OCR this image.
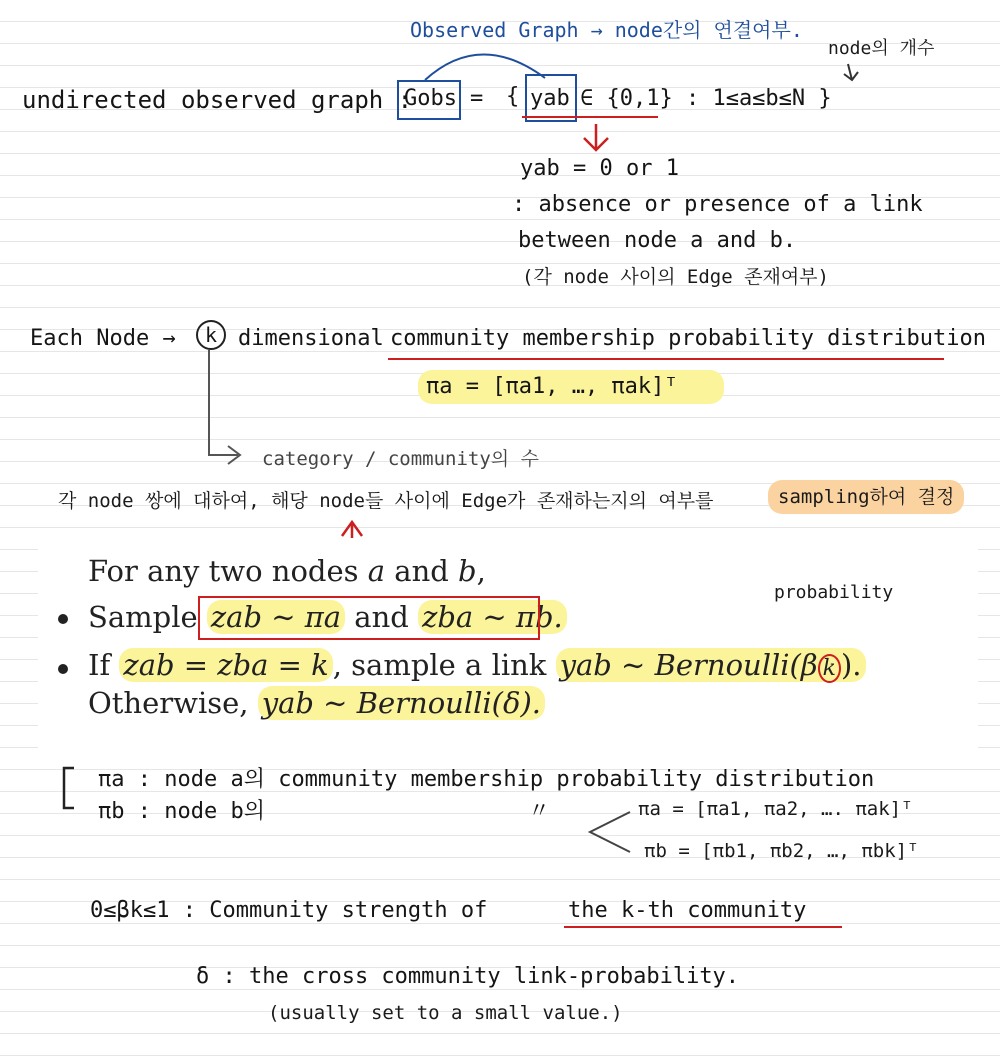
Observed Graph → node간의 연결여부.
node의 개수
undirected observed graph :
Gobs = { yab ∈ {0,1} : 1≤a≤b≤N }
yab = 0 or 1
: absence or presence of a link
between node a and b.
(각 node 사이의 Edge 존재여부)
Each Node →	k dimensional community membership probability distribution
πa = [πa1, …, πak]ᵀ
category / community의 수
각 node 쌍에 대하여, 해당 node들 사이에 Edge가 존재하는지의 여부를	sampling하여 결정
For any two nodes a and b,
Sample zab ∼ πa and zba ∼ πb.
probability
If zab = zba = k , sample a link yab ∼ Bernoulli(β k ).
Otherwise, yab ∼ Bernoulli(δ).
πa : node a의 community membership probability distribution
πb : node b의	〃	πa = [πa1, πa2, …. πak]ᵀ
πb = [πb1, πb2, …, πbk]ᵀ
0≤βk≤1 : Community strength of	the k-th community
δ : the cross community link-probability.
(usually set to a small value.)
